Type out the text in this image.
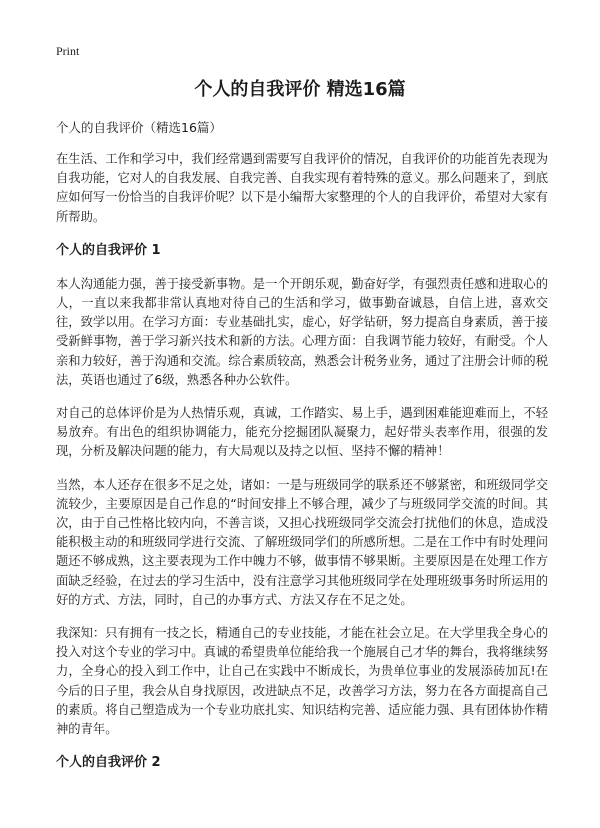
Print
个人的自我评价 精选16篇

个人的自我评价（精选16篇）

在生活、工作和学习中，我们经常遇到需要写自我评价的情况，自我评价的功能首先表现为自我功能，它对人的自我发展、自我完善、自我实现有着特殊的意义。那么问题来了，到底应如何写一份恰当的自我评价呢？以下是小编帮大家整理的个人的自我评价，希望对大家有所帮助。

个人的自我评价 1

本人沟通能力强，善于接受新事物。是一个开朗乐观，勤奋好学，有强烈责任感和进取心的人，一直以来我都非常认真地对待自己的生活和学习，做事勤奋诚恳，自信上进，喜欢交往，致学以用。在学习方面：专业基础扎实，虚心，好学钻研，努力提高自身素质，善于接受新鲜事物，善于学习新兴技术和新的方法。心理方面：自我调节能力较好，有耐受。个人亲和力较好，善于沟通和交流。综合素质较高，熟悉会计税务业务，通过了注册会计师的税法，英语也通过了6级，熟悉各种办公软件。

对自己的总体评价是为人热情乐观，真诚，工作踏实、易上手，遇到困难能迎难而上，不轻易放弃。有出色的组织协调能力，能充分挖掘团队凝聚力，起好带头表率作用，很强的发现，分析及解决问题的能力，有大局观以及持之以恒、坚持不懈的精神！

当然，本人还存在很多不足之处，诸如：一是与班级同学的联系还不够紧密，和班级同学交流较少，主要原因是自己作息的“时间安排上不够合理，减少了与班级同学交流的时间。其次，由于自己性格比较内向，不善言谈，又担心找班级同学交流会打扰他们的休息，造成没能积极主动的和班级同学进行交流、了解班级同学们的所感所想。二是在工作中有时处理问题还不够成熟，这主要表现为工作中魄力不够，做事情不够果断。主要原因是在处理工作方面缺乏经验，在过去的学习生活中，没有注意学习其他班级同学在处理班级事务时所运用的好的方式、方法，同时，自己的办事方式、方法又存在不足之处。

我深知：只有拥有一技之长，精通自己的专业技能，才能在社会立足。在大学里我全身心的投入对这个专业的学习中。真诚的希望贵单位能给我一个施展自己才华的舞台，我将继续努力，全身心的投入到工作中，让自己在实践中不断成长，为贵单位事业的发展添砖加瓦!在今后的日子里，我会从自身找原因，改进缺点不足，改善学习方法，努力在各方面提高自己的素质。将自己塑造成为一个专业功底扎实、知识结构完善、适应能力强、具有团体协作精神的青年。

个人的自我评价 2
